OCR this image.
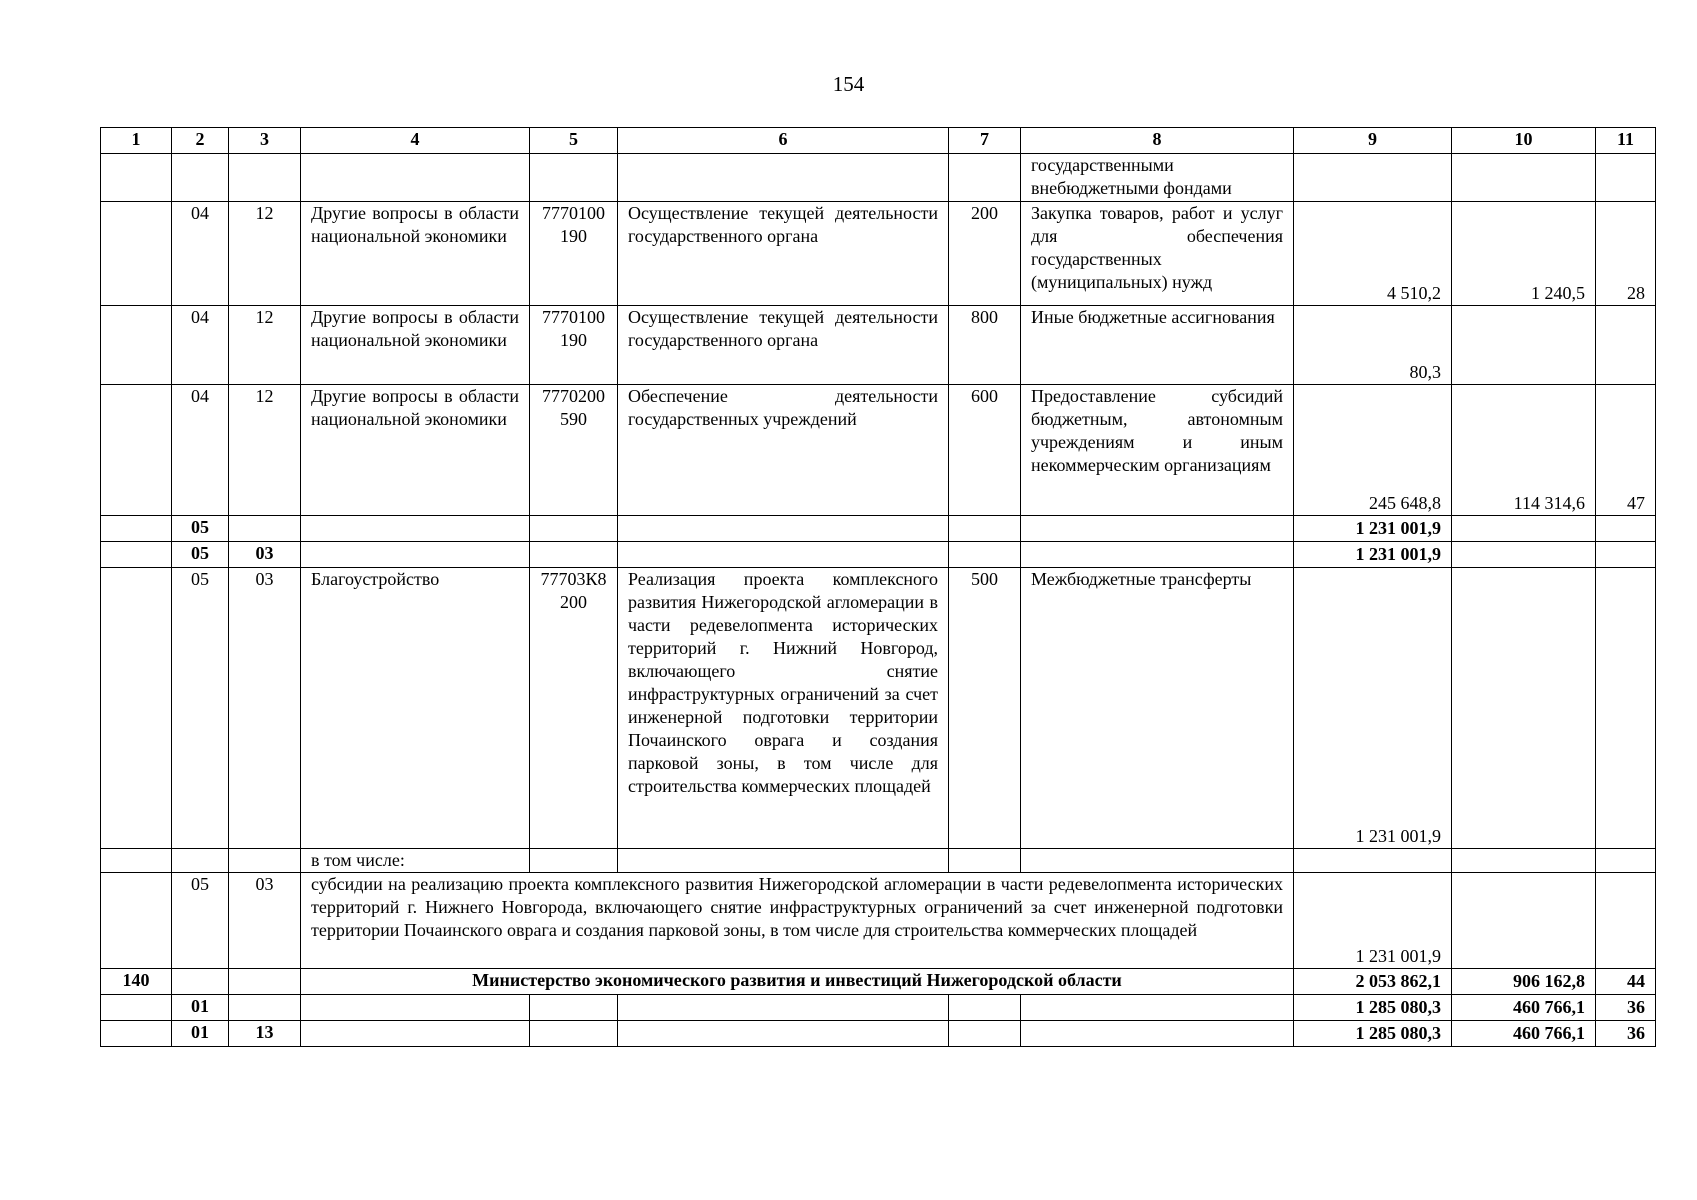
154
1	2	3	4	5	6	7	8	9	10	11
							государственными внебюджетными фондами			
	04	12	Другие вопросы в области национальной экономики	7770100190	Осуществление текущей деятельности государственного органа	200	Закупка товаров, работ и услуг для обеспечения государственных (муниципальных) нужд	4 510,2	1 240,5	28
	04	12	Другие вопросы в области национальной экономики	7770100190	Осуществление текущей деятельности государственного органа	800	Иные бюджетные ассигнования	80,3		
	04	12	Другие вопросы в области национальной экономики	7770200590	Обеспечение деятельности государственных учреждений	600	Предоставление субсидий бюджетным, автономным учреждениям и иным некоммерческим организациям	245 648,8	114 314,6	47
	05							1 231 001,9		
	05	03						1 231 001,9		
	05	03	Благоустройство	77703К8200	Реализация проекта комплексного развития Нижегородской агломерации в части редевелопмента исторических территорий г. Нижний Новгород, включающего снятие инфраструктурных ограничений за счет инженерной подготовки территории Почаинского оврага и создания парковой зоны, в том числе для строительства коммерческих площадей	500	Межбюджетные трансферты	1 231 001,9		
			в том числе:							
	05	03	субсидии на реализацию проекта комплексного развития Нижегородской агломерации в части редевелопмента исторических территорий г. Нижнего Новгорода, включающего снятие инфраструктурных ограничений за счет инженерной подготовки территории Почаинского оврага и создания парковой зоны, в том числе для строительства коммерческих площадей					1 231 001,9		
140			Министерство экономического развития и инвестиций Нижегородской области					2 053 862,1	906 162,8	44
	01							1 285 080,3	460 766,1	36
	01	13						1 285 080,3	460 766,1	36
